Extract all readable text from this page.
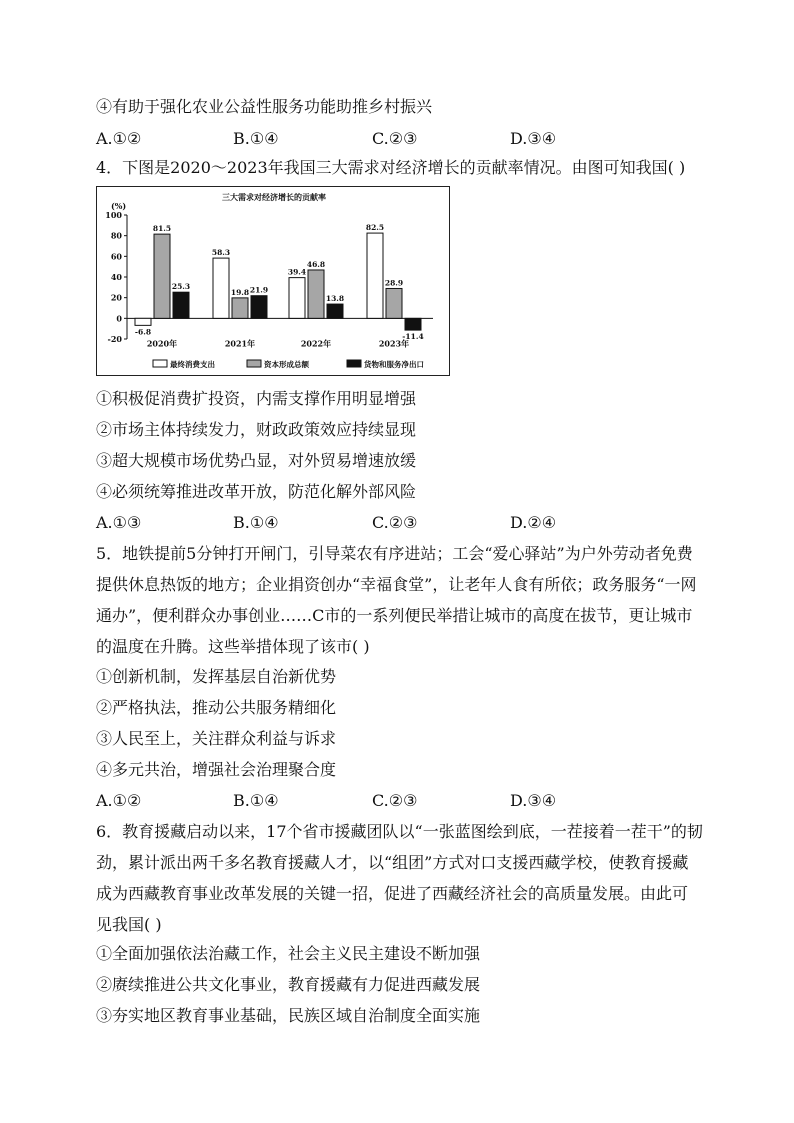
④有助于强化农业公益性服务功能助推乡村振兴
A.①②	B.①④	C.②③	D.③④
4．下图是2020～2023年我国三大需求对经济增长的贡献率情况。由图可知我国( )
三大需求对经济增长的贡献率
(%)
-20
0
20
40
60
80
100
-6.8
81.5
25.3
2020年
58.3
19.8 21.9
2021年
39.4
46.8
13.8
2022年
82.5
28.9
-11.4
2023年
最终消费支出	资本形成总额	货物和服务净出口
①积极促消费扩投资，内需支撑作用明显增强
②市场主体持续发力，财政政策效应持续显现
③超大规模市场优势凸显，对外贸易增速放缓
④必须统筹推进改革开放，防范化解外部风险
A.①③	B.①④	C.②③	D.②④
5．地铁提前5分钟打开闸门，引导菜农有序进站；工会“爱心驿站”为户外劳动者免费
提供休息热饭的地方；企业捐资创办“幸福食堂”，让老年人食有所依；政务服务“一网
通办”，便利群众办事创业……C市的一系列便民举措让城市的高度在拔节，更让城市
的温度在升腾。这些举措体现了该市( )
①创新机制，发挥基层自治新优势
②严格执法，推动公共服务精细化
③人民至上，关注群众利益与诉求
④多元共治，增强社会治理聚合度
A.①②	B.①④	C.②③	D.③④
6．教育援藏启动以来，17个省市援藏团队以“一张蓝图绘到底，一茬接着一茬干”的韧
劲，累计派出两千多名教育援藏人才，以“组团”方式对口支援西藏学校，使教育援藏
成为西藏教育事业改革发展的关键一招，促进了西藏经济社会的高质量发展。由此可
见我国( )
①全面加强依法治藏工作，社会主义民主建设不断加强
②赓续推进公共文化事业，教育援藏有力促进西藏发展
③夯实地区教育事业基础，民族区域自治制度全面实施
